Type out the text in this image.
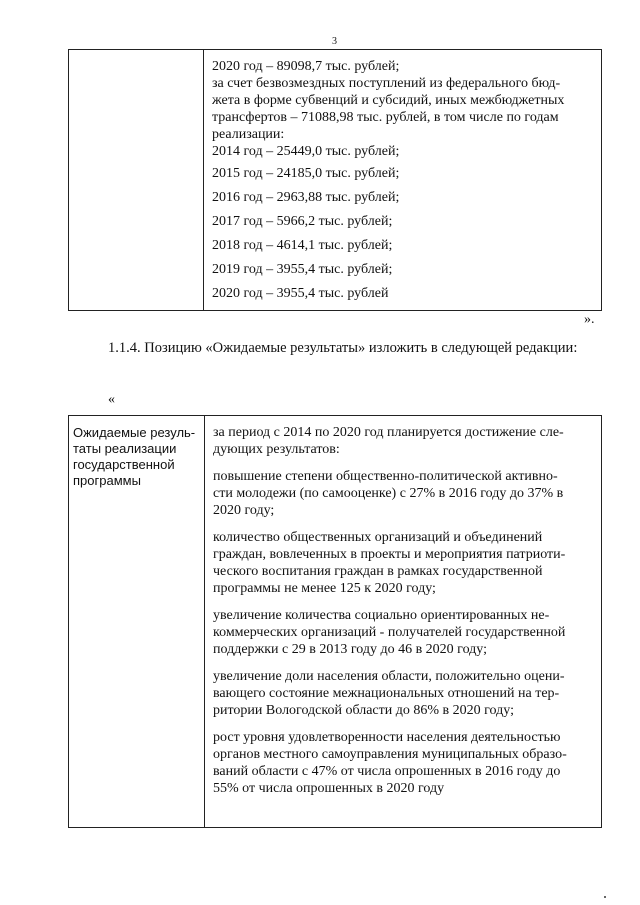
3

2020 год – 89098,7 тыс. рублей;

за счет безвозмездных поступлений из федерального бюд-

жета в форме субвенций и субсидий, иных межбюджетных

трансфертов – 71088,98 тыс. рублей, в том числе по годам

реализации:

2014 год – 25449,0 тыс. рублей;

2015 год – 24185,0 тыс. рублей;

2016 год – 2963,88 тыс. рублей;

2017 год – 5966,2 тыс. рублей;

2018 год – 4614,1 тыс. рублей;

2019 год – 3955,4 тыс. рублей;

2020 год – 3955,4 тыс. рублей

».
1.1.4. Позицию «Ожидаемые результаты» изложить в следующей редакции:
«
Ожидаемые резуль-
таты реализации
государственной
программы
за период с 2014 по 2020 год планируется достижение сле-
дующих результатов:
повышение степени общественно-политической активно-
сти молодежи (по самооценке) с 27% в 2016 году до 37% в
2020 году;
количество общественных организаций и объединений
граждан, вовлеченных в проекты и мероприятия патриоти-
ческого воспитания граждан в рамках государственной
программы не менее 125 к 2020 году;
увеличение количества социально ориентированных не-
коммерческих организаций - получателей государственной
поддержки с 29 в 2013 году до 46 в 2020 году;
увеличение доли населения области, положительно оцени-
вающего состояние межнациональных отношений на тер-
ритории Вологодской области до 86% в 2020 году;
рост уровня удовлетворенности населения деятельностью
органов местного самоуправления муниципальных образо-
ваний области с 47% от числа опрошенных в 2016 году до
55% от числа опрошенных в 2020 году
